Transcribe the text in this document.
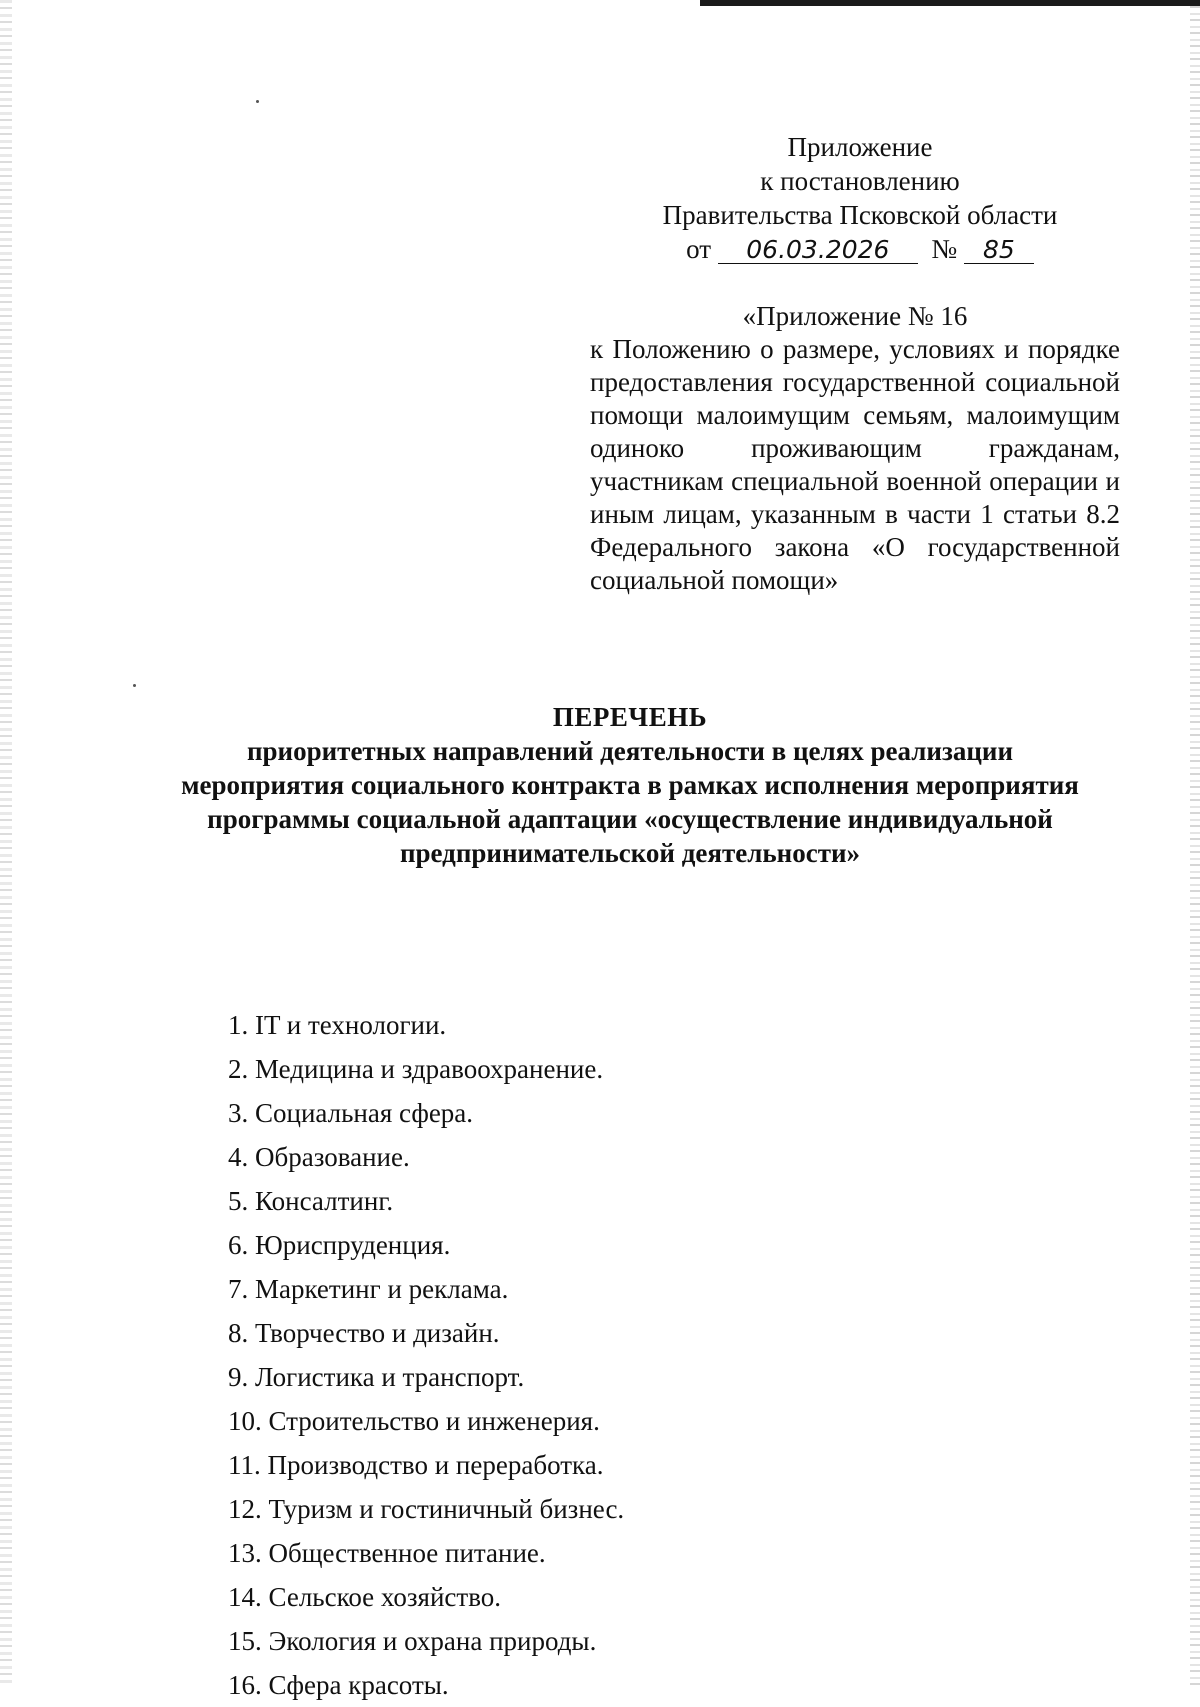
Приложение
к постановлению
Правительства Псковской области
от 06.03.2026 № 85
«Приложение № 16
к Положению о размере, условиях и порядке предоставления государственной социальной помощи малоимущим семьям, малоимущим одиноко проживающим гражданам, участникам специальной военной операции и иным лицам, указанным в части 1 статьи 8.2 Федерального закона «О государственной социальной помощи»
ПЕРЕЧЕНЬ
приоритетных направлений деятельности в целях реализации
мероприятия социального контракта в рамках исполнения мероприятия
программы социальной адаптации «осуществление индивидуальной
предпринимательской деятельности»
1. IT и технологии.
2. Медицина и здравоохранение.
3. Социальная сфера.
4. Образование.
5. Консалтинг.
6. Юриспруденция.
7. Маркетинг и реклама.
8. Творчество и дизайн.
9. Логистика и транспорт.
10. Строительство и инженерия.
11. Производство и переработка.
12. Туризм и гостиничный бизнес.
13. Общественное питание.
14. Сельское хозяйство.
15. Экология и охрана природы.
16. Сфера красоты.
